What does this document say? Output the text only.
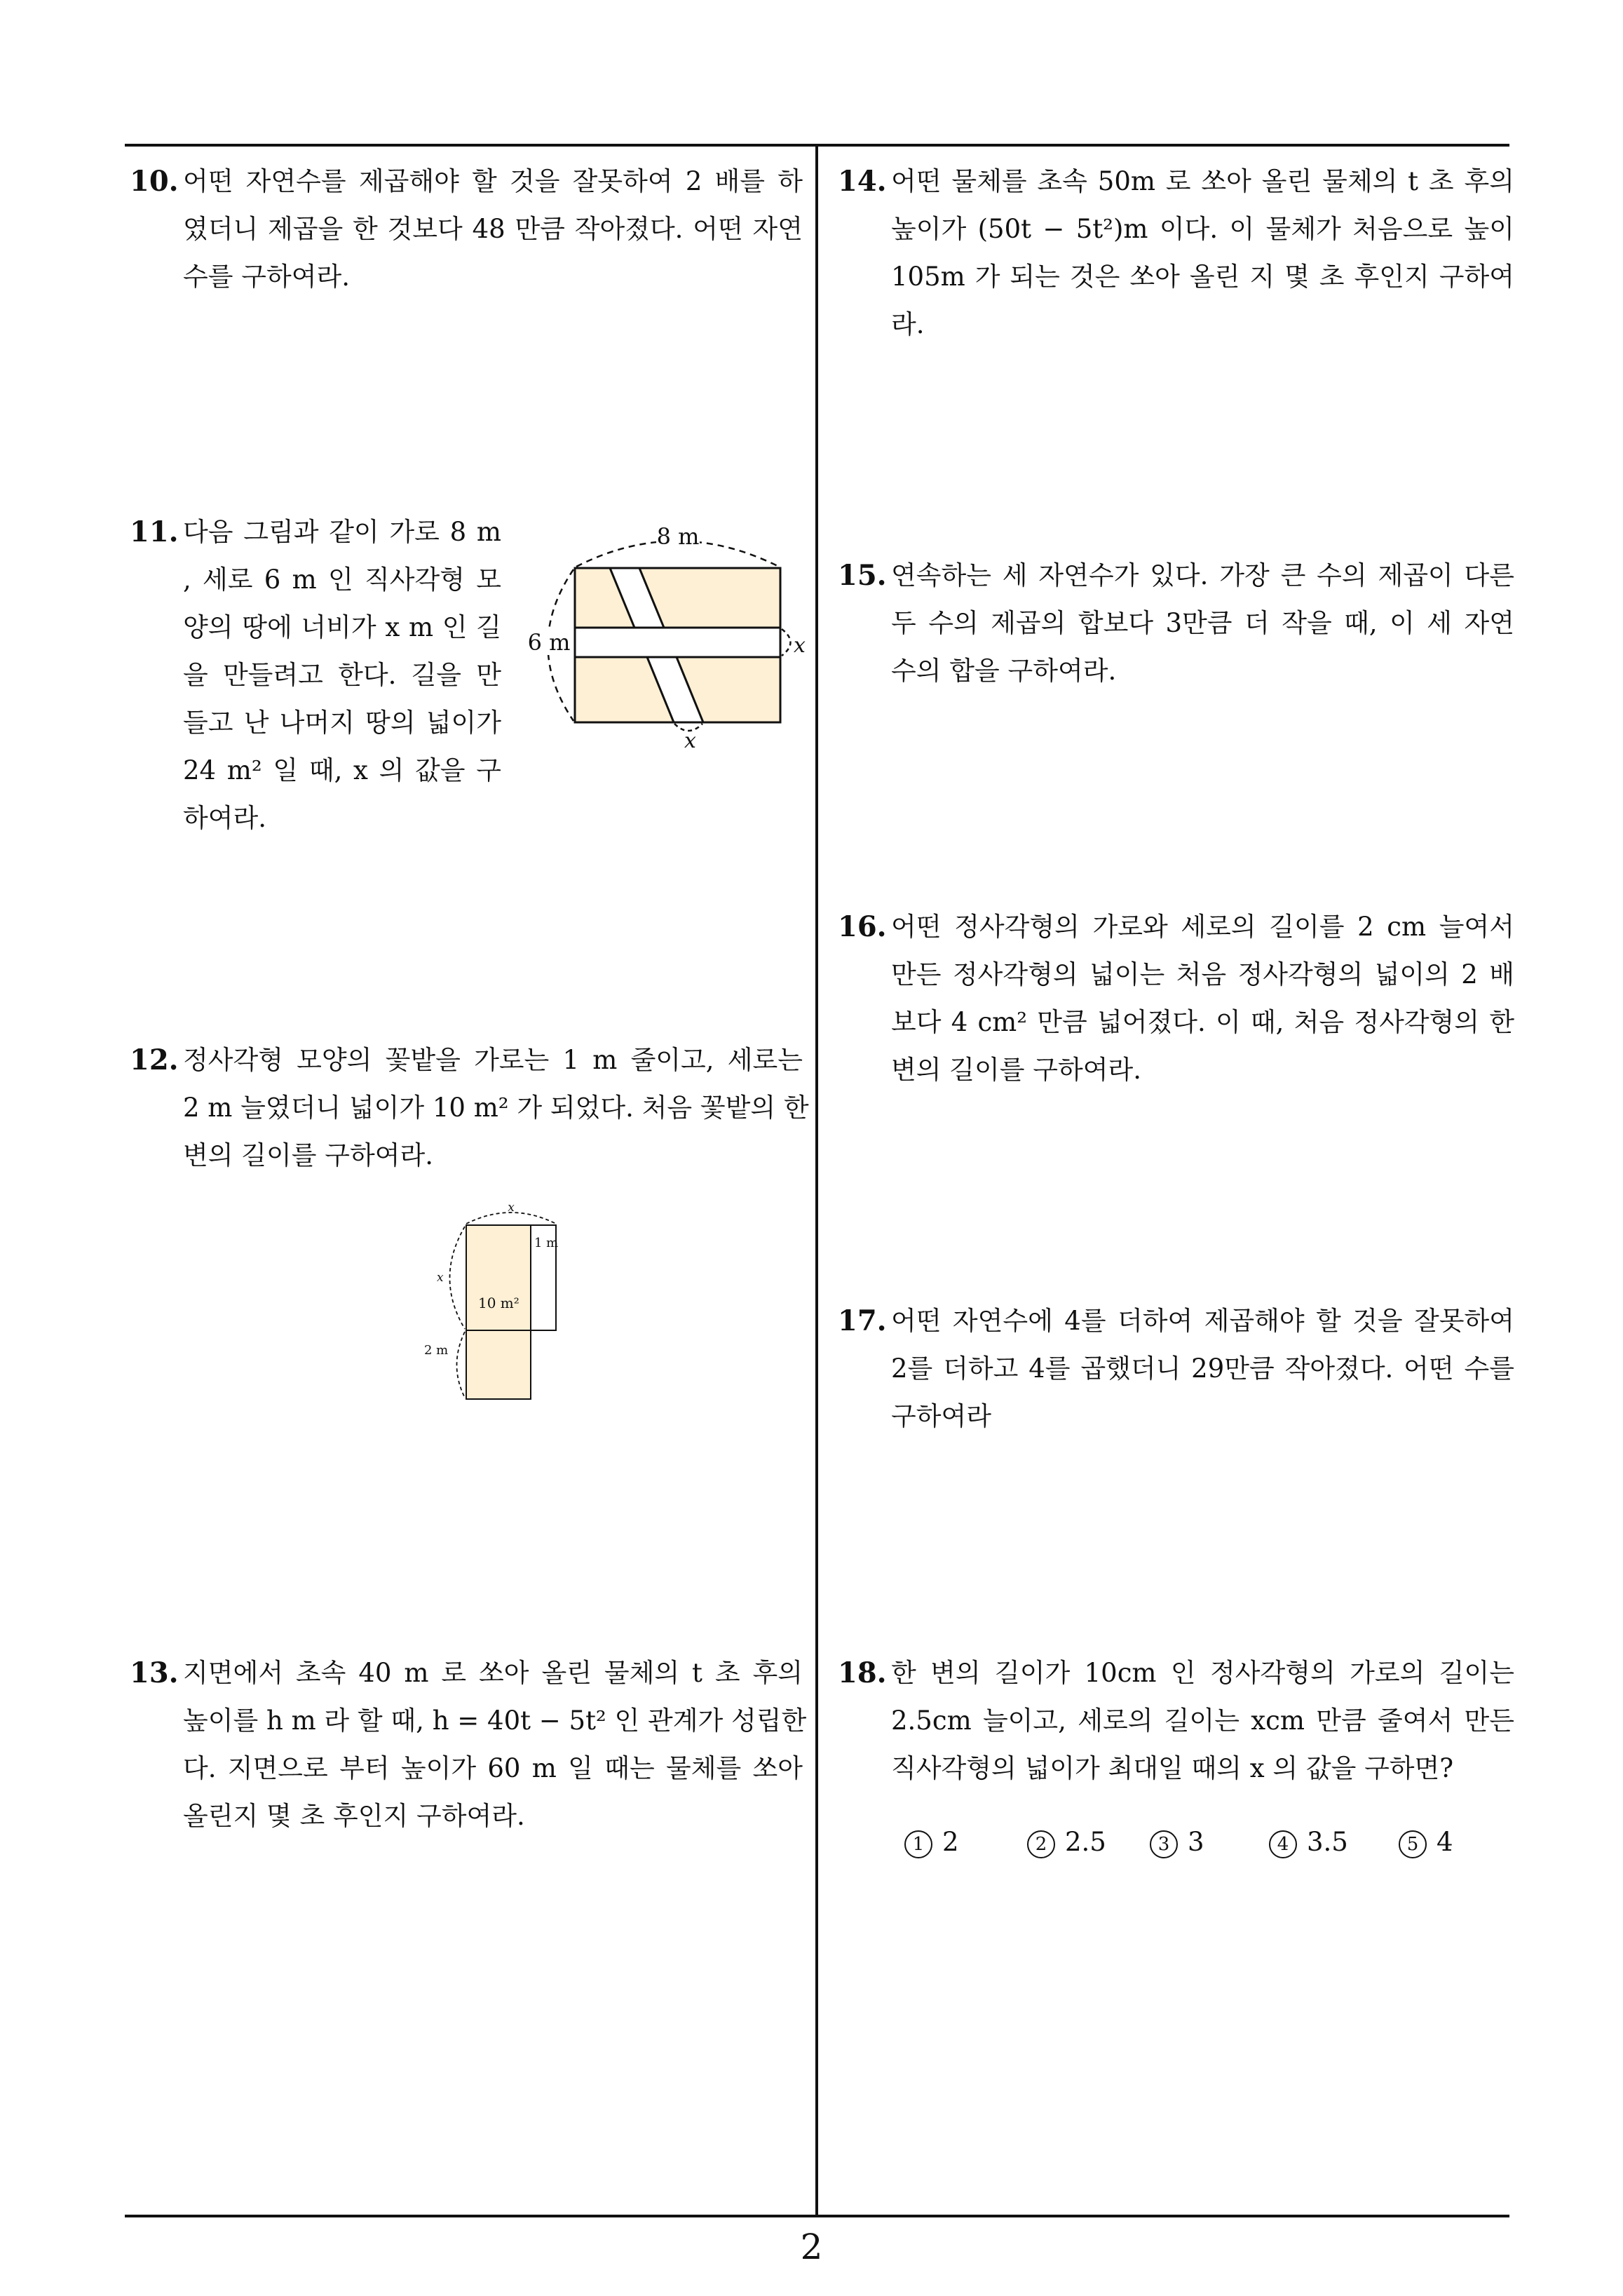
10. 어떤 자연수를 제곱해야 할 것을 잘못하여 2 배를 하
였더니 제곱을 한 것보다 48 만큼 작아졌다. 어떤 자연
수를 구하여라.
11. 다음 그림과 같이 가로 8 m
, 세로 6 m 인 직사각형 모
양의 땅에 너비가 x m 인 길
을 만들려고 한다. 길을 만
들고 난 나머지 땅의 넓이가
24 m² 일 때, x 의 값을 구
하여라.
8 m
6 m	x
x
12. 정사각형 모양의 꽃밭을 가로는 1 m 줄이고, 세로는
2 m 늘였더니 넓이가 10 m² 가 되었다. 처음 꽃밭의 한
변의 길이를 구하여라.
x
x
1 m
10 m²
2 m
13. 지면에서 초속 40 m 로 쏘아 올린 물체의 t 초 후의
높이를 h m 라 할 때, h = 40t − 5t² 인 관계가 성립한
다. 지면으로 부터 높이가 60 m 일 때는 물체를 쏘아
올린지 몇 초 후인지 구하여라.
14. 어떤 물체를 초속 50m 로 쏘아 올린 물체의 t 초 후의
높이가 (50t − 5t²)m 이다. 이 물체가 처음으로 높이
105m 가 되는 것은 쏘아 올린 지 몇 초 후인지 구하여
라.
15. 연속하는 세 자연수가 있다. 가장 큰 수의 제곱이 다른
두 수의 제곱의 합보다 3만큼 더 작을 때, 이 세 자연
수의 합을 구하여라.
16. 어떤 정사각형의 가로와 세로의 길이를 2 cm 늘여서
만든 정사각형의 넓이는 처음 정사각형의 넓이의 2 배
보다 4 cm² 만큼 넓어졌다. 이 때, 처음 정사각형의 한
변의 길이를 구하여라.
17. 어떤 자연수에 4를 더하여 제곱해야 할 것을 잘못하여
2를 더하고 4를 곱했더니 29만큼 작아졌다. 어떤 수를
구하여라
18. 한 변의 길이가 10cm 인 정사각형의 가로의 길이는
2.5cm 늘이고, 세로의 길이는 xcm 만큼 줄여서 만든
직사각형의 넓이가 최대일 때의 x 의 값을 구하면?
1 2	2 2.5	3 3	4 3.5	5 4
2
